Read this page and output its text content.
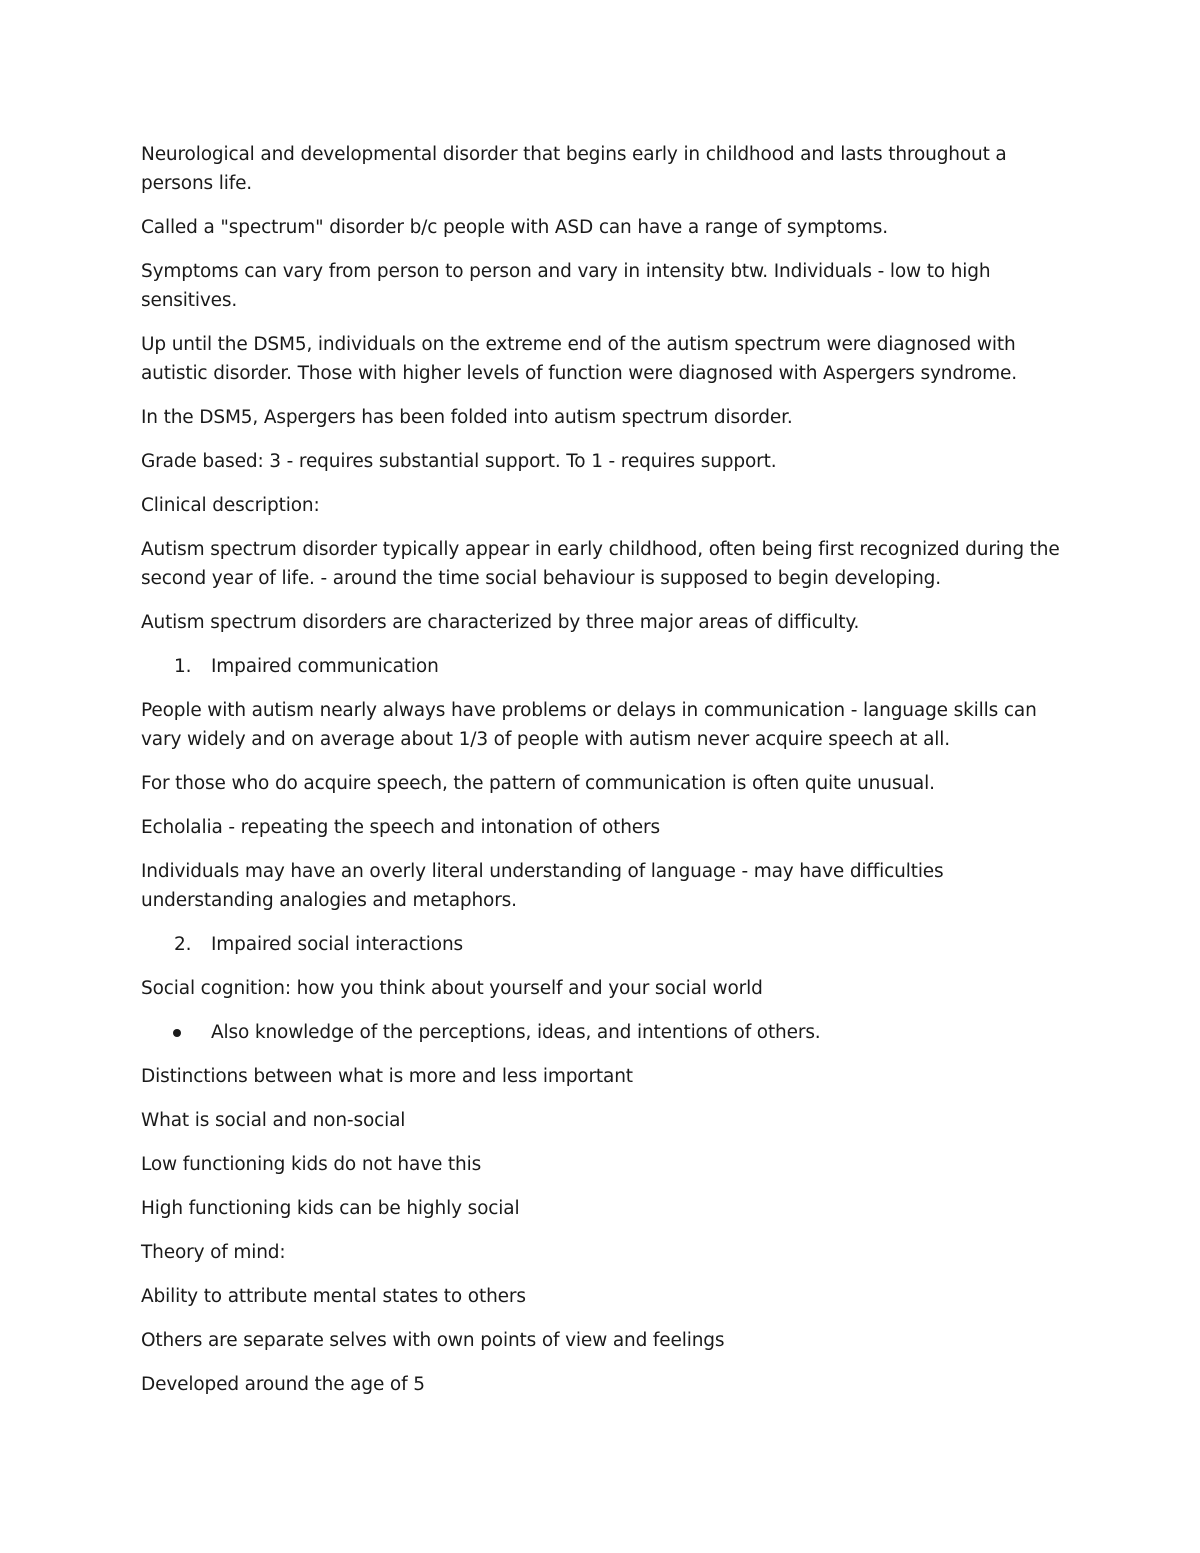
Neurological and developmental disorder that begins early in childhood and lasts throughout a persons life.

Called a "spectrum" disorder b/c people with ASD can have a range of symptoms.

Symptoms can vary from person to person and vary in intensity btw. Individuals - low to high sensitives.

Up until the DSM5, individuals on the extreme end of the autism spectrum were diagnosed with autistic disorder. Those with higher levels of function were diagnosed with Aspergers syndrome.

In the DSM5, Aspergers has been folded into autism spectrum disorder.

Grade based: 3 - requires substantial support. To 1 - requires support.

Clinical description:

Autism spectrum disorder typically appear in early childhood, often being first recognized during the second year of life. - around the time social behaviour is supposed to begin developing.

Autism spectrum disorders are characterized by three major areas of difficulty.

1. Impaired communication

People with autism nearly always have problems or delays in communication - language skills can vary widely and on average about 1/3 of people with autism never acquire speech at all.

For those who do acquire speech, the pattern of communication is often quite unusual.

Echolalia - repeating the speech and intonation of others

Individuals may have an overly literal understanding of language - may have difficulties understanding analogies and metaphors.

2. Impaired social interactions

Social cognition: how you think about yourself and your social world

Also knowledge of the perceptions, ideas, and intentions of others.

Distinctions between what is more and less important

What is social and non-social

Low functioning kids do not have this

High functioning kids can be highly social

Theory of mind:

Ability to attribute mental states to others

Others are separate selves with own points of view and feelings

Developed around the age of 5
